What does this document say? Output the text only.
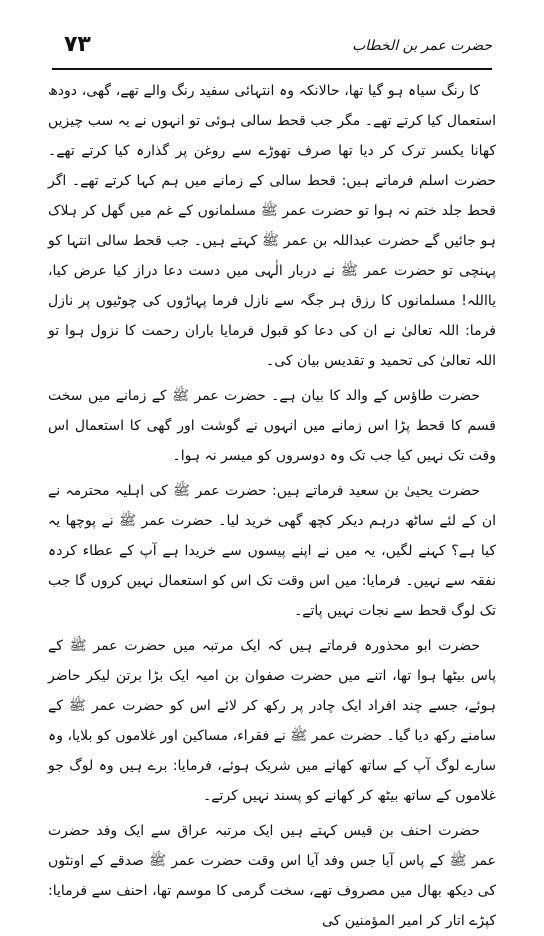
۷۳	حضرت عمر بن الخطاب

کا رنگ سیاہ ہو گیا تھا، حالانکہ وہ انتہائی سفید رنگ والے تھے، گھی، دودھ استعمال کیا کرتے تھے۔ مگر جب قحط سالی ہوئی تو انہوں نے یہ سب چیزیں کھانا یکسر ترک کر دیا تھا صرف تھوڑے سے روغن پر گذارہ کیا کرتے تھے۔ حضرت اسلم فرماتے ہیں: قحط سالی کے زمانے میں ہم کہا کرتے تھے۔ اگر قحط جلد ختم نہ ہوا تو حضرت عمر ﷺ مسلمانوں کے غم میں گھل کر ہلاک ہو جائیں گے حضرت عبداللہ بن عمر ﷺ کہتے ہیں۔ جب قحط سالی انتہا کو پہنچی تو حضرت عمر ﷺ نے دربار الٰہی میں دست دعا دراز کیا عرض کیا، یااللہ! مسلمانوں کا رزق ہر جگہ سے نازل فرما پہاڑوں کی چوٹیوں پر نازل فرما: اللہ تعالیٰ نے ان کی دعا کو قبول فرمایا باران رحمت کا نزول ہوا تو اللہ تعالیٰ کی تحمید و تقدیس بیان کی۔

حضرت طاؤس کے والد کا بیان ہے۔ حضرت عمر ﷺ کے زمانے میں سخت قسم کا قحط پڑا اس زمانے میں انہوں نے گوشت اور گھی کا استعمال اس وقت تک نہیں کیا جب تک وہ دوسروں کو میسر نہ ہوا۔

حضرت یحییٰ بن سعید فرماتے ہیں: حضرت عمر ﷺ کی اہلیہ محترمہ نے ان کے لئے ساٹھ درہم دیکر کچھ گھی خرید لیا۔ حضرت عمر ﷺ نے پوچھا یہ کیا ہے؟ کہنے لگیں، یہ میں نے اپنے پیسوں سے خریدا ہے آپ کے عطاء کردہ نفقہ سے نہیں۔ فرمایا: میں اس وقت تک اس کو استعمال نہیں کروں گا جب تک لوگ قحط سے نجات نہیں پاتے۔

حضرت ابو محذورہ فرماتے ہیں کہ ایک مرتبہ میں حضرت عمر ﷺ کے پاس بیٹھا ہوا تھا، اتنے میں حضرت صفوان بن امیہ ایک بڑا برتن لیکر حاضر ہوئے، جسے چند افراد ایک چادر پر رکھ کر لائے اس کو حضرت عمر ﷺ کے سامنے رکھ دیا گیا۔ حضرت عمر ﷺ نے فقراء، مساکین اور غلاموں کو بلایا، وہ سارے لوگ آپ کے ساتھ کھانے میں شریک ہوئے، فرمایا: برے ہیں وہ لوگ جو غلاموں کے ساتھ بیٹھ کر کھانے کو پسند نہیں کرتے۔

حضرت احنف بن قیس کہتے ہیں ایک مرتبہ عراق سے ایک وفد حضرت عمر ﷺ کے پاس آیا جس وفد آیا اس وقت حضرت عمر ﷺ صدقے کے اونٹوں کی دیکھ بھال میں مصروف تھے، سخت گرمی کا موسم تھا، احنف سے فرمایا: کپڑے اتار کر امیر المؤمنین کی
